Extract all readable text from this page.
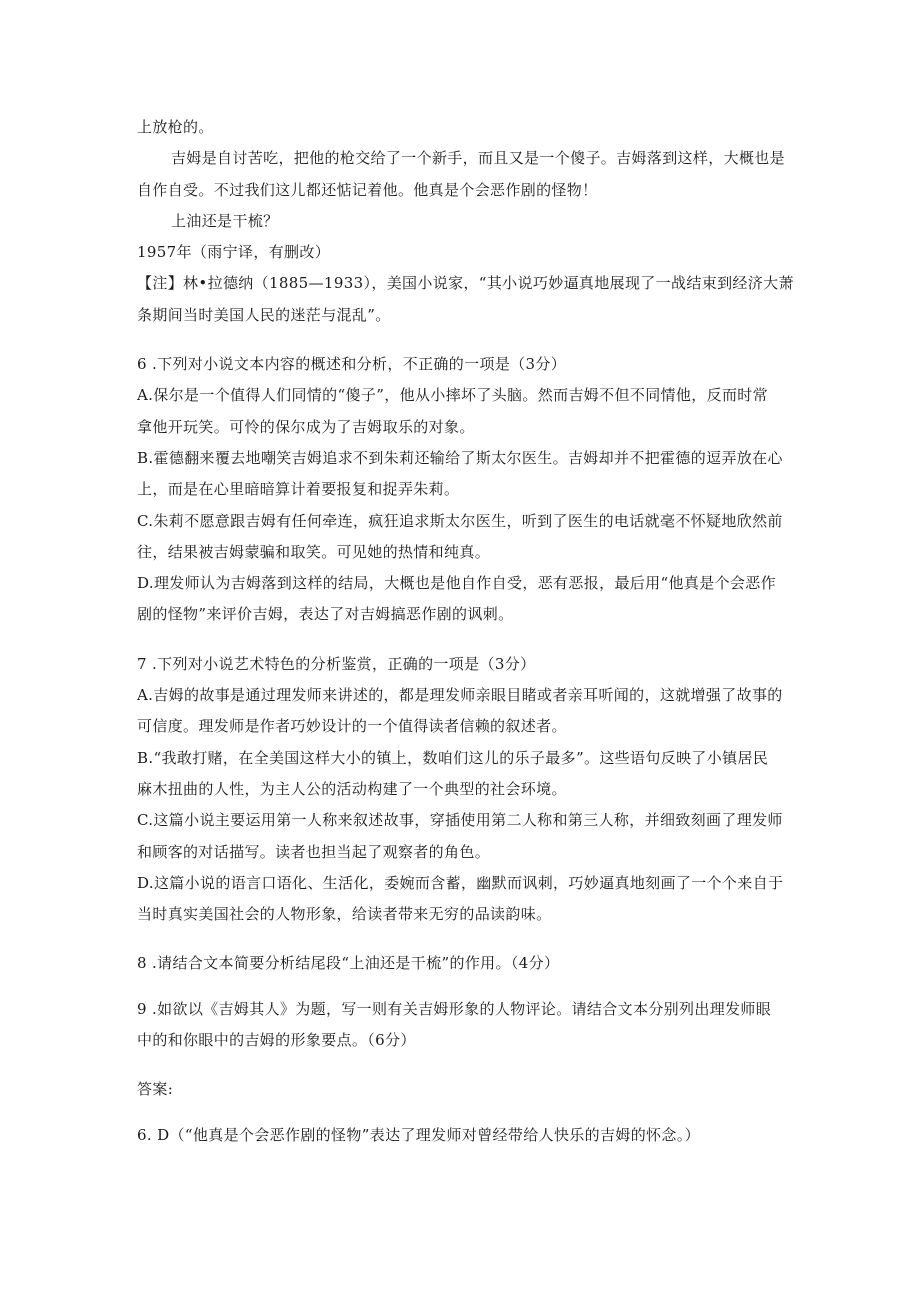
上放枪的。
吉姆是自讨苦吃，把他的枪交给了一个新手，而且又是一个傻子。吉姆落到这样，大概也是
自作自受。不过我们这儿都还惦记着他。他真是个会恶作剧的怪物！
上油还是干梳？
1957年（雨宁译，有删改）
【注】林•拉德纳（1885—1933），美国小说家，“其小说巧妙逼真地展现了一战结束到经济大萧
条期间当时美国人民的迷茫与混乱”。
6 .下列对小说文本内容的概述和分析，不正确的一项是（3分）
A.保尔是一个值得人们同情的“傻子”，他从小摔坏了头脑。然而吉姆不但不同情他，反而时常
拿他开玩笑。可怜的保尔成为了吉姆取乐的对象。
B.霍德翻来覆去地嘲笑吉姆追求不到朱莉还输给了斯太尔医生。吉姆却并不把霍德的逗弄放在心
上，而是在心里暗暗算计着要报复和捉弄朱莉。
C.朱莉不愿意跟吉姆有任何牵连，疯狂追求斯太尔医生，听到了医生的电话就毫不怀疑地欣然前
往，结果被吉姆蒙骗和取笑。可见她的热情和纯真。
D.理发师认为吉姆落到这样的结局，大概也是他自作自受，恶有恶报，最后用“他真是个会恶作
剧的怪物”来评价吉姆，表达了对吉姆搞恶作剧的讽刺。
7 .下列对小说艺术特色的分析鉴赏，正确的一项是（3分）
A.吉姆的故事是通过理发师来讲述的，都是理发师亲眼目睹或者亲耳听闻的，这就增强了故事的
可信度。理发师是作者巧妙设计的一个值得读者信赖的叙述者。
B.“我敢打赌，在全美国这样大小的镇上，数咱们这儿的乐子最多”。这些语句反映了小镇居民
麻木扭曲的人性，为主人公的活动构建了一个典型的社会环境。
C.这篇小说主要运用第一人称来叙述故事，穿插使用第二人称和第三人称，并细致刻画了理发师
和顾客的对话描写。读者也担当起了观察者的角色。
D.这篇小说的语言口语化、生活化，委婉而含蓄，幽默而讽刺，巧妙逼真地刻画了一个个来自于
当时真实美国社会的人物形象，给读者带来无穷的品读韵味。
8 .请结合文本简要分析结尾段“上油还是干梳”的作用。（4分）
9 .如欲以《吉姆其人》为题，写一则有关吉姆形象的人物评论。请结合文本分别列出理发师眼
中的和你眼中的吉姆的形象要点。（6分）
答案:
6. D（“他真是个会恶作剧的怪物”表达了理发师对曾经带给人快乐的吉姆的怀念。）
